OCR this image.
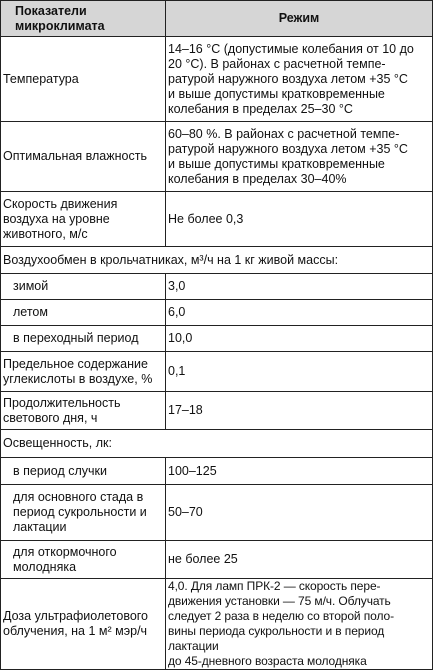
Показатели
микроклимата	Режим
Температура	14–16 °С (допустимые колебания от 10 до
20 °С). В районах с расчетной темпе-
ратурой наружного воздуха летом +35 °С
и выше допустимы кратковременные
колебания в пределах 25–30 °С
Оптимальная влажность	60–80 %. В районах с расчетной темпе-
ратурой наружного воздуха летом +35 °С
и выше допустимы кратковременные
колебания в пределах 30–40%
Скорость движения
воздуха на уровне
животного, м/с	Не более 0,3
Воздухообмен в крольчатниках, м³/ч на 1 кг живой массы:	
зимой	3,0
летом	6,0
в переходный период	10,0
Предельное содержание
углекислоты в воздухе, %	0,1
Продолжительность
светового дня, ч	17–18
Освещенность, лк:	
в период случки	100–125
для основного стада в
период сукрольности и
лактации	50–70
для откормочного
молодняка	не более 25
Доза ультрафиолетового
облучения, на 1 м² мэр/ч	4,0. Для ламп ПРК-2 — скорость пере-
движения установки — 75 м/ч. Облучать
следует 2 раза в неделю со второй поло-
вины периода сукрольности и в период лактации
до 45-дневного возраста молодняка
